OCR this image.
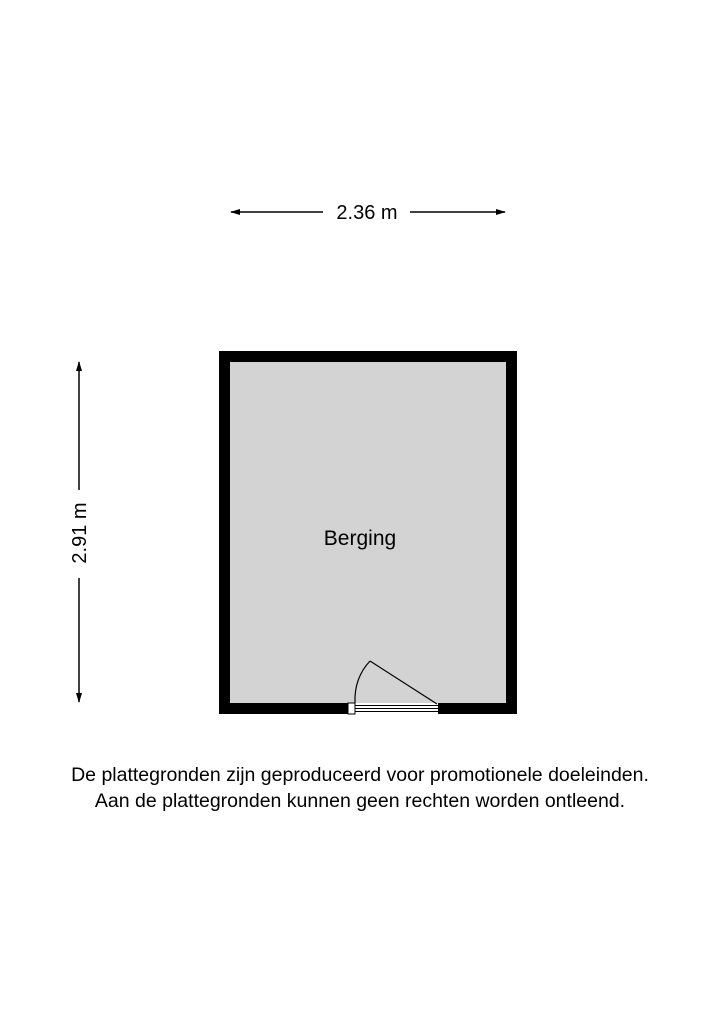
2.36 m
2.91 m	Berging
De plattegronden zijn geproduceerd voor promotionele doeleinden.
Aan de plattegronden kunnen geen rechten worden ontleend.
